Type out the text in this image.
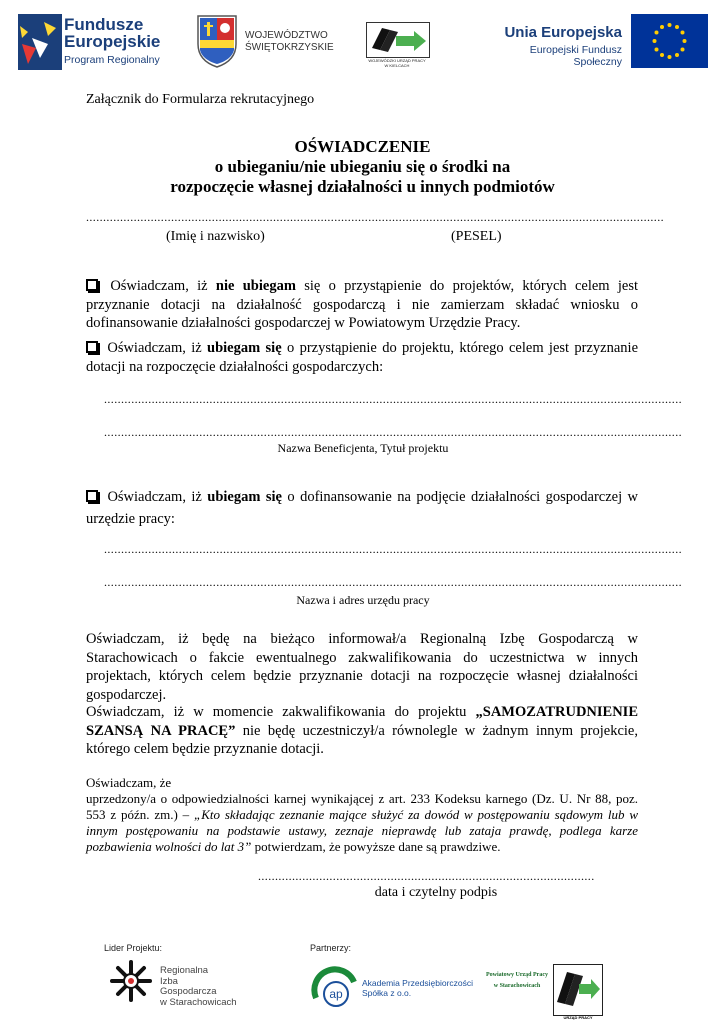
Fundusze
Europejskie
Program Regionalny
WOJEWÓDZTWO
ŚWIĘTOKRZYSKIE
WOJEWÓDZKI URZĄD PRACY
W KIELCACH
Unia Europejska
Europejski Fundusz Społeczny
Załącznik do Formularza rekrutacyjnego
OŚWIADCZENIE
o ubieganiu/nie ubieganiu się o środki na
rozpoczęcie własnej działalności u innych podmiotów
..........................................................................................................................................................................
(Imię i nazwisko)	(PESEL)
Oświadczam, iż nie ubiegam się o przystąpienie do projektów, których celem jest przyznanie dotacji na działalność gospodarczą i nie zamierzam składać wniosku o dofinansowanie działalności gospodarczej w Powiatowym Urzędzie Pracy.
Oświadczam, iż ubiegam się o przystąpienie do projektu, którego celem jest przyznanie dotacji na rozpoczęcie działalności gospodarczych:
..........................................................................................................................................................................
..........................................................................................................................................................................
Nazwa Beneficjenta, Tytuł projektu
Oświadczam, iż ubiegam się o dofinansowanie na podjęcie działalności gospodarczej w urzędzie pracy:
..........................................................................................................................................................................
..........................................................................................................................................................................
Nazwa i adres urzędu pracy
Oświadczam, iż będę na bieżąco informował/a Regionalną Izbę Gospodarczą w Starachowicach o fakcie ewentualnego zakwalifikowania do uczestnictwa w innych projektach, których celem będzie przyznanie dotacji na rozpoczęcie własnej działalności gospodarczej.
Oświadczam, iż w momencie zakwalifikowania do projektu „SAMOZATRUDNIENIE SZANSĄ NA PRACĘ” nie będę uczestniczył/a równolegle w żadnym innym projekcie, którego celem będzie przyznanie dotacji.
Oświadczam, że
uprzedzony/a o odpowiedzialności karnej wynikającej z art. 233 Kodeksu karnego (Dz. U. Nr 88, poz. 553 z późn. zm.) – „Kto składając zeznanie mające służyć za dowód w postępowaniu sądowym lub w innym postępowaniu na podstawie ustawy, zeznaje nieprawdę lub zataja prawdę, podlega karze pozbawienia wolności do lat 3” potwierdzam, że powyższe dane są prawdziwe.
...................................................................................................
data i czytelny podpis
Lider Projektu:	Partnerzy:
Regionalna
Izba
Gospodarcza
w Starachowicach
ap
Akademia Przedsiębiorczości
Spółka z o.o.
Powiatowy Urząd Pracy
w Starachowicach
URZĄD PRACY
